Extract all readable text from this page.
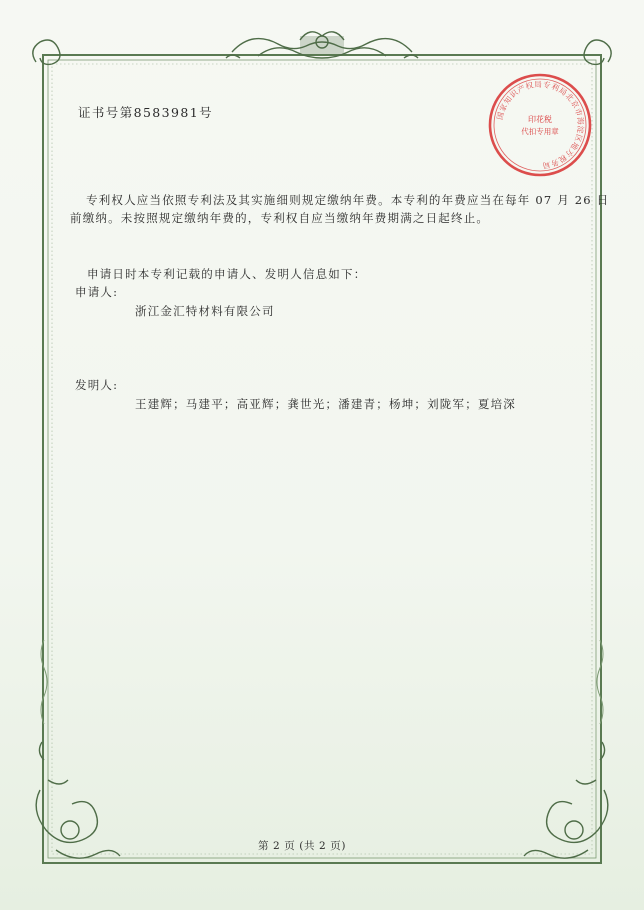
证书号第8583981号
专利权人应当依照专利法及其实施细则规定缴纳年费。本专利的年费应当在每年 07 月 26 日
前缴纳。未按照规定缴纳年费的，专利权自应当缴纳年费期满之日起终止。
申请日时本专利记载的申请人、发明人信息如下：
申请人:
浙江金汇特材料有限公司
发明人:
王建辉；马建平；高亚辉；龚世光；潘建青；杨坤；刘陇军；夏培深
第 2 页 (共 2 页)
国家知识产权局专利局北京市海淀区地方税务局
印花税
代扣专用章
